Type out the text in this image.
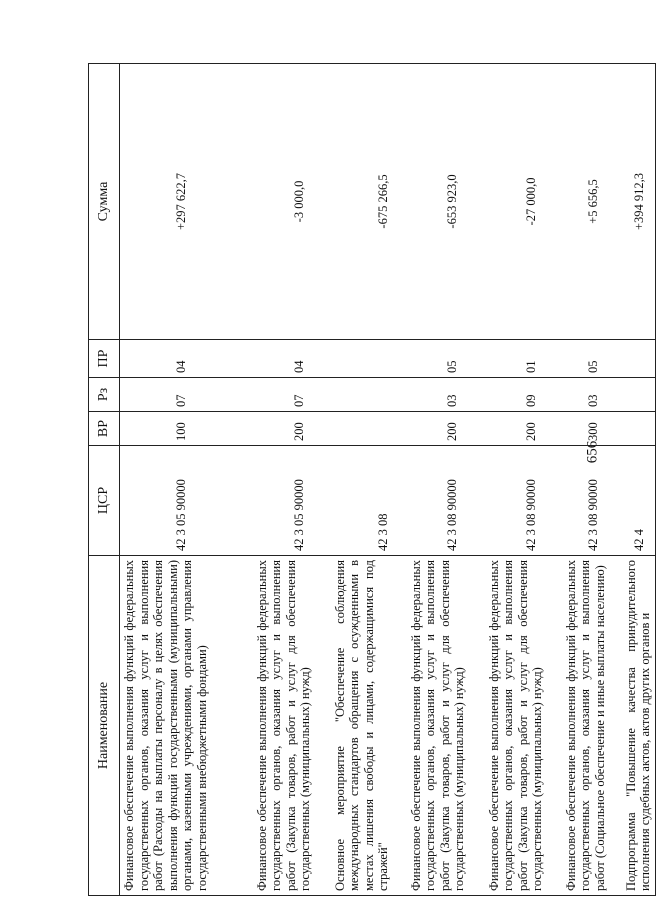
656
Наименование	ЦСР	ВР	Рз	ПР	Сумма
Финансовое обеспечение выполнения функций федеральных государственных органов, оказания услуг и выполнения работ (Расходы на выплаты персоналу в целях обеспечения выполнения функций государственными (муниципальными) органами, казенными учреждениями, органами управления государственными внебюджетными фондами)	42 3 05 90000	100	07	04	+297 622,7
Финансовое обеспечение выполнения функций федеральных государственных органов, оказания услуг и выполнения работ (Закупка товаров, работ и услуг для обеспечения государственных (муниципальных) нужд)	42 3 05 90000	200	07	04	-3 000,0
Основное мероприятие "Обеспечение соблюдения международных стандартов обращения с осужденными в местах лишения свободы и лицами, содержащимися под стражей"	42 3 08				-675 266,5
Финансовое обеспечение выполнения функций федеральных государственных органов, оказания услуг и выполнения работ (Закупка товаров, работ и услуг для обеспечения государственных (муниципальных) нужд)	42 3 08 90000	200	03	05	-653 923,0
Финансовое обеспечение выполнения функций федеральных государственных органов, оказания услуг и выполнения работ (Закупка товаров, работ и услуг для обеспечения государственных (муниципальных) нужд)	42 3 08 90000	200	09	01	-27 000,0
Финансовое обеспечение выполнения функций федеральных государственных органов, оказания услуг и выполнения работ (Социальное обеспечение и иные выплаты населению)	42 3 08 90000	300	03	05	+5 656,5
Подпрограмма "Повышение качества принудительного исполнения судебных актов, актов других органов и	42 4				+394 912,3
